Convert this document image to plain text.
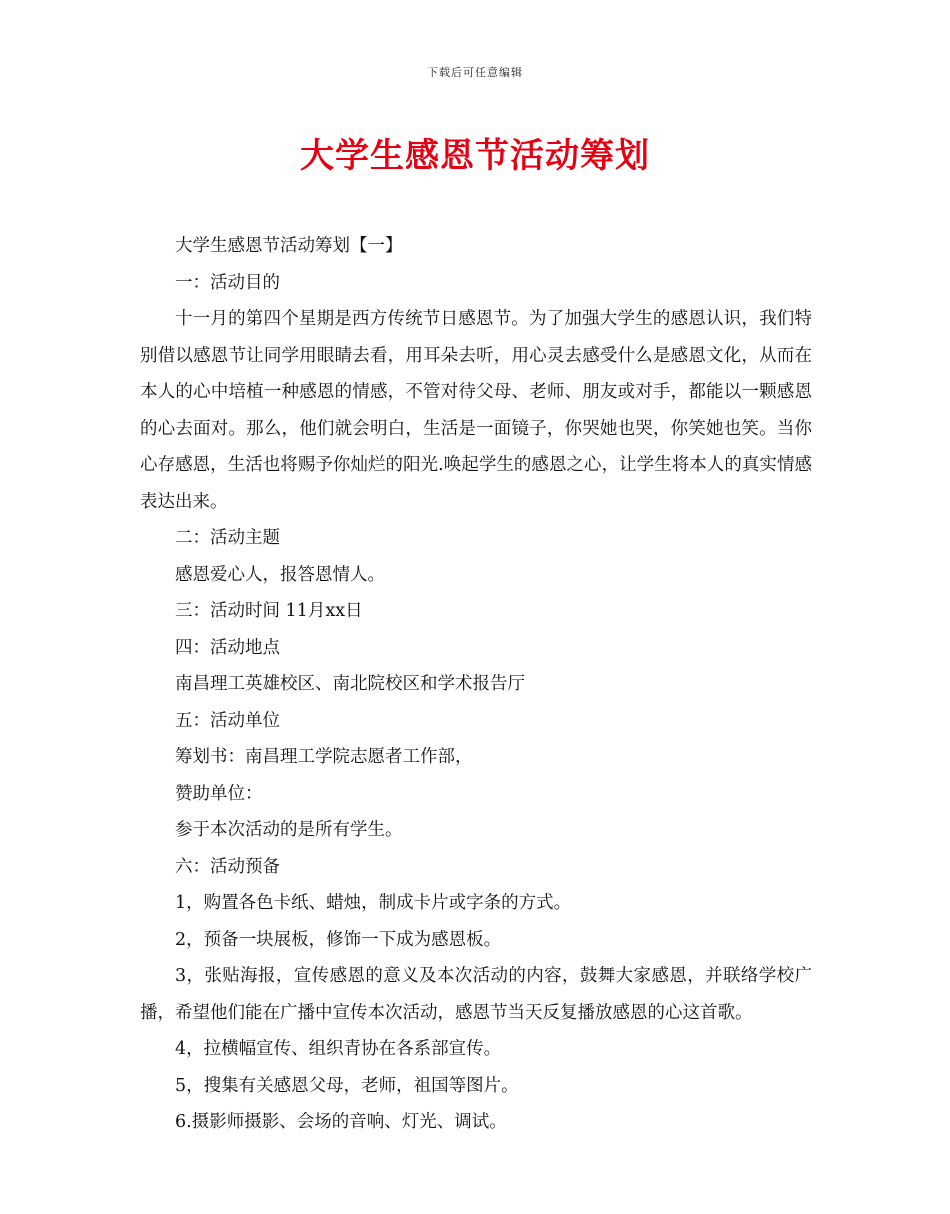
下载后可任意编辑
大学生感恩节活动筹划

大学生感恩节活动筹划【一】

一：活动目的

十一月的第四个星期是西方传统节日感恩节。为了加强大学生的感恩认识，我们特别借以感恩节让同学用眼睛去看，用耳朵去听，用心灵去感受什么是感恩文化，从而在本人的心中培植一种感恩的情感，不管对待父母、老师、朋友或对手，都能以一颗感恩的心去面对。那么，他们就会明白，生活是一面镜子，你哭她也哭，你笑她也笑。当你心存感恩，生活也将赐予你灿烂的阳光.唤起学生的感恩之心，让学生将本人的真实情感表达出来。

二：活动主题

感恩爱心人，报答恩情人。

三：活动时间 11月xx日

四：活动地点

南昌理工英雄校区、南北院校区和学术报告厅

五：活动单位

筹划书：南昌理工学院志愿者工作部，

赞助单位：

参于本次活动的是所有学生。

六：活动预备

1，购置各色卡纸、蜡烛，制成卡片或字条的方式。

2，预备一块展板，修饰一下成为感恩板。

3，张贴海报，宣传感恩的意义及本次活动的内容，鼓舞大家感恩，并联络学校广播，希望他们能在广播中宣传本次活动，感恩节当天反复播放感恩的心这首歌。

4，拉横幅宣传、组织青协在各系部宣传。

5，搜集有关感恩父母，老师，祖国等图片。

6.摄影师摄影、会场的音响、灯光、调试。
